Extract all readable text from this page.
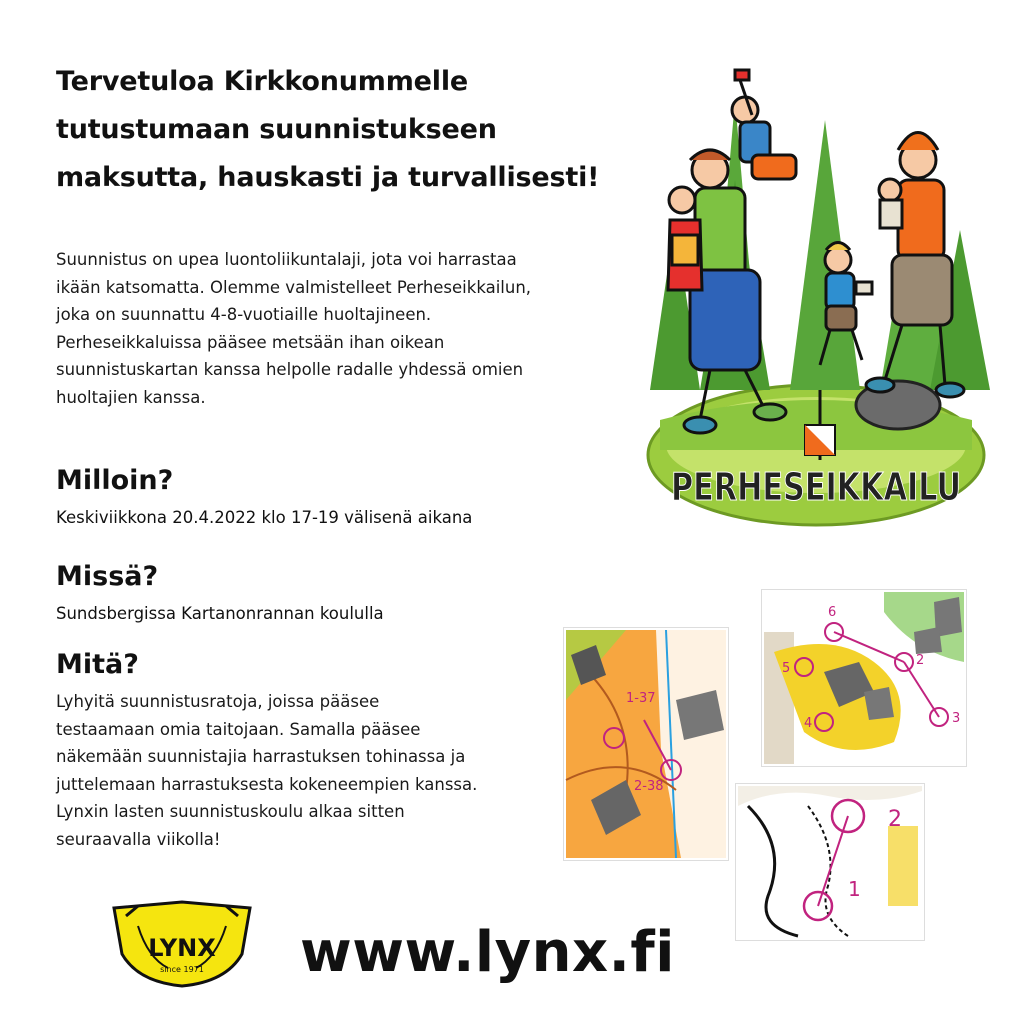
Tervetuloa Kirkkonummelle
tutustumaan suunnistukseen
maksutta, hauskasti ja turvallisesti!
Suunnistus on upea luontoliikuntalaji, jota voi harrastaa
ikään katsomatta. Olemme valmistelleet Perheseikkailun,
joka on suunnattu 4-8-vuotiaille huoltajineen.
Perheseikkaluissa pääsee metsään ihan oikean
suunnistuskartan kanssa helpolle radalle yhdessä omien
huoltajien kanssa.
Milloin?
Keskiviikkona 20.4.2022 klo 17-19 välisenä aikana
Missä?
Sundsbergissa Kartanonrannan koululla
Mitä?
Lyhyitä suunnistusratoja, joissa pääsee
testaamaan omia taitojaan. Samalla pääsee
näkemään suunnistajia harrastuksen tohinassa ja
juttelemaan harrastuksesta kokeneempien kanssa.
Lynxin lasten suunnistuskoulu alkaa sitten
seuraavalla viikolla!
PERHESEIKKAILU
1-37
2-38
6
5
4	3
2
2
1
LYNX
since 1971 www.lynx.fi
